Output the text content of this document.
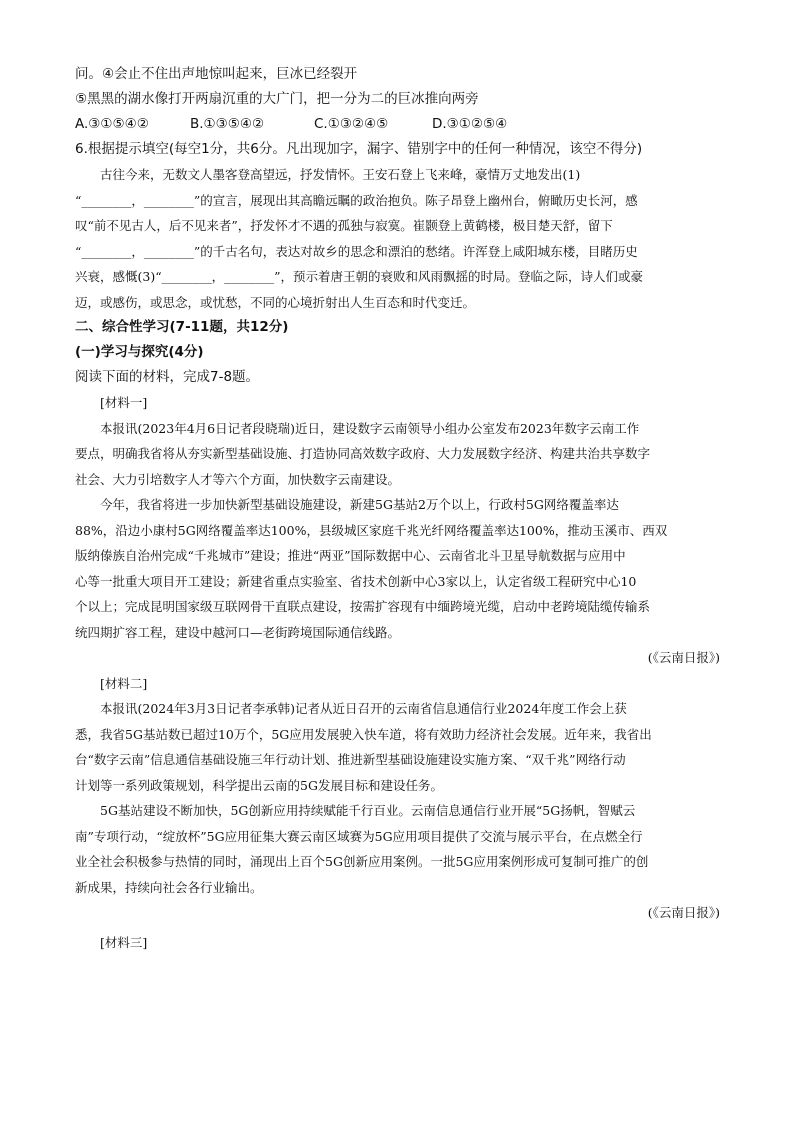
问。④会止不住出声地惊叫起来，巨冰已经裂开
⑤黑黑的湖水像打开两扇沉重的大广门，把一分为二的巨冰推向两旁
A.③①⑤④②	B.①③⑤④②	C.①③②④⑤	D.③①②⑤④
6.根据提示填空(每空1分，共6分。凡出现加字，漏字、错别字中的任何一种情况，该空不得分)
　　古往今来，无数文人墨客登高望远，抒发情怀。王安石登上飞来峰，豪情万丈地发出(1)
“________，________”的宣言，展现出其高瞻远瞩的政治抱负。陈子昂登上幽州台，俯瞰历史长河，感
叹“前不见古人，后不见来者”，抒发怀才不遇的孤独与寂寞。崔颢登上黄鹤楼，极目楚天舒，留下
“________，________”的千古名句，表达对故乡的思念和漂泊的愁绪。许浑登上咸阳城东楼，目睹历史
兴衰，感慨(3)“________，________”，预示着唐王朝的衰败和风雨飘摇的时局。登临之际，诗人们或豪
迈，或感伤，或思念，或忧愁，不同的心境折射出人生百态和时代变迁。
二、综合性学习(7-11题，共12分)
(一)学习与探究(4分)
阅读下面的材料，完成7-8题。
　　[材料一]
　　本报讯(2023年4月6日记者段晓瑞)近日，建设数字云南领导小组办公室发布2023年数字云南工作
要点，明确我省将从夯实新型基础设施、打造协同高效数字政府、大力发展数字经济、构建共治共享数字
社会、大力引培数字人才等六个方面，加快数字云南建设。
　　今年，我省将进一步加快新型基础设施建设，新建5G基站2万个以上，行政村5G网络覆盖率达
88%，沿边小康村5G网络覆盖率达100%，县级城区家庭千兆光纤网络覆盖率达100%，推动玉溪市、西双
版纳傣族自治州完成“千兆城市”建设；推进“两亚”国际数据中心、云南省北斗卫星导航数据与应用中
心等一批重大项目开工建设；新建省重点实验室、省技术创新中心3家以上，认定省级工程研究中心10
个以上；完成昆明国家级互联网骨干直联点建设，按需扩容现有中缅跨境光缆，启动中老跨境陆缆传输系
统四期扩容工程，建设中越河口—老街跨境国际通信线路。
(《云南日报》)
　　[材料二]
　　本报讯(2024年3月3日记者李承韩)记者从近日召开的云南省信息通信行业2024年度工作会上获
悉，我省5G基站数已超过10万个，5G应用发展驶入快车道，将有效助力经济社会发展。近年来，我省出
台“数字云南”信息通信基础设施三年行动计划、推进新型基础设施建设实施方案、“双千兆”网络行动
计划等一系列政策规划，科学提出云南的5G发展目标和建设任务。
　　5G基站建设不断加快，5G创新应用持续赋能千行百业。云南信息通信行业开展“5G扬帆，智赋云
南”专项行动，“绽放杯”5G应用征集大赛云南区域赛为5G应用项目提供了交流与展示平台，在点燃全行
业全社会积极参与热情的同时，涌现出上百个5G创新应用案例。一批5G应用案例形成可复制可推广的创
新成果，持续向社会各行业输出。
(《云南日报》)
　　[材料三]
